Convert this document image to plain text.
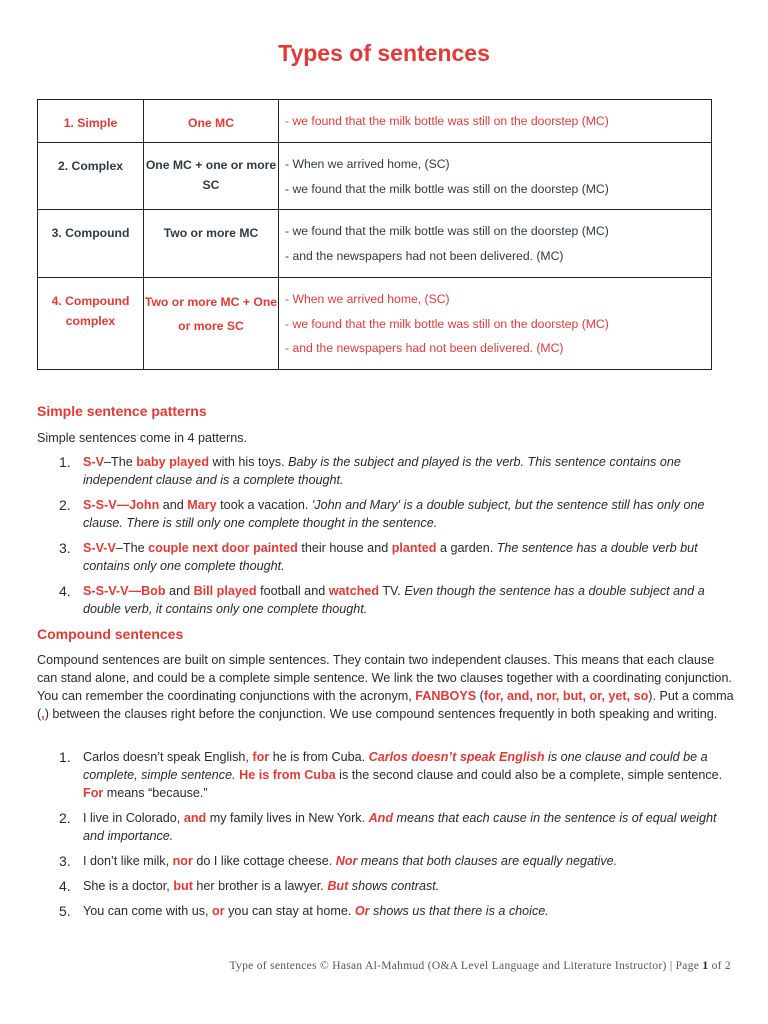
Types of sentences
1. Simple	One MC	- we found that the milk bottle was still on the doorstep (MC)

2. Complex	One MC + one or more SC	- When we arrived home, (SC)
- we found that the milk bottle was still on the doorstep (MC)

3. Compound	Two or more MC	- we found that the milk bottle was still on the doorstep (MC)
- and the newspapers had not been delivered. (MC)

4. Compound complex	Two or more MC + One or more SC	- When we arrived home, (SC)
- we found that the milk bottle was still on the doorstep (MC)
- and the newspapers had not been delivered. (MC)
Simple sentence patterns
Simple sentences come in 4 patterns.
1. S-V–The baby played with his toys. Baby is the subject and played is the verb. This sentence contains one independent clause and is a complete thought.
2. S-S-V—John and Mary took a vacation. 'John and Mary' is a double subject, but the sentence still has only one clause. There is still only one complete thought in the sentence.
3. S-V-V–The couple next door painted their house and planted a garden. The sentence has a double verb but contains only one complete thought.
4. S-S-V-V—Bob and Bill played football and watched TV. Even though the sentence has a double subject and a double verb, it contains only one complete thought.
Compound sentences
Compound sentences are built on simple sentences. They contain two independent clauses. This means that each clause can stand alone, and could be a complete simple sentence. We link the two clauses together with a coordinating conjunction. You can remember the coordinating conjunctions with the acronym, FANBOYS (for, and, nor, but, or, yet, so). Put a comma (,) between the clauses right before the conjunction. We use compound sentences frequently in both speaking and writing.
1. Carlos doesn’t speak English, for he is from Cuba. Carlos doesn’t speak English is one clause and could be a complete, simple sentence. He is from Cuba is the second clause and could also be a complete, simple sentence. For means “because.”
2. I live in Colorado, and my family lives in New York. And means that each cause in the sentence is of equal weight and importance.
3. I don’t like milk, nor do I like cottage cheese. Nor means that both clauses are equally negative.
4. She is a doctor, but her brother is a lawyer. But shows contrast.
5. You can come with us, or you can stay at home. Or shows us that there is a choice.
Type of sentences © Hasan Al-Mahmud (O&A Level Language and Literature Instructor) | Page 1 of 2
